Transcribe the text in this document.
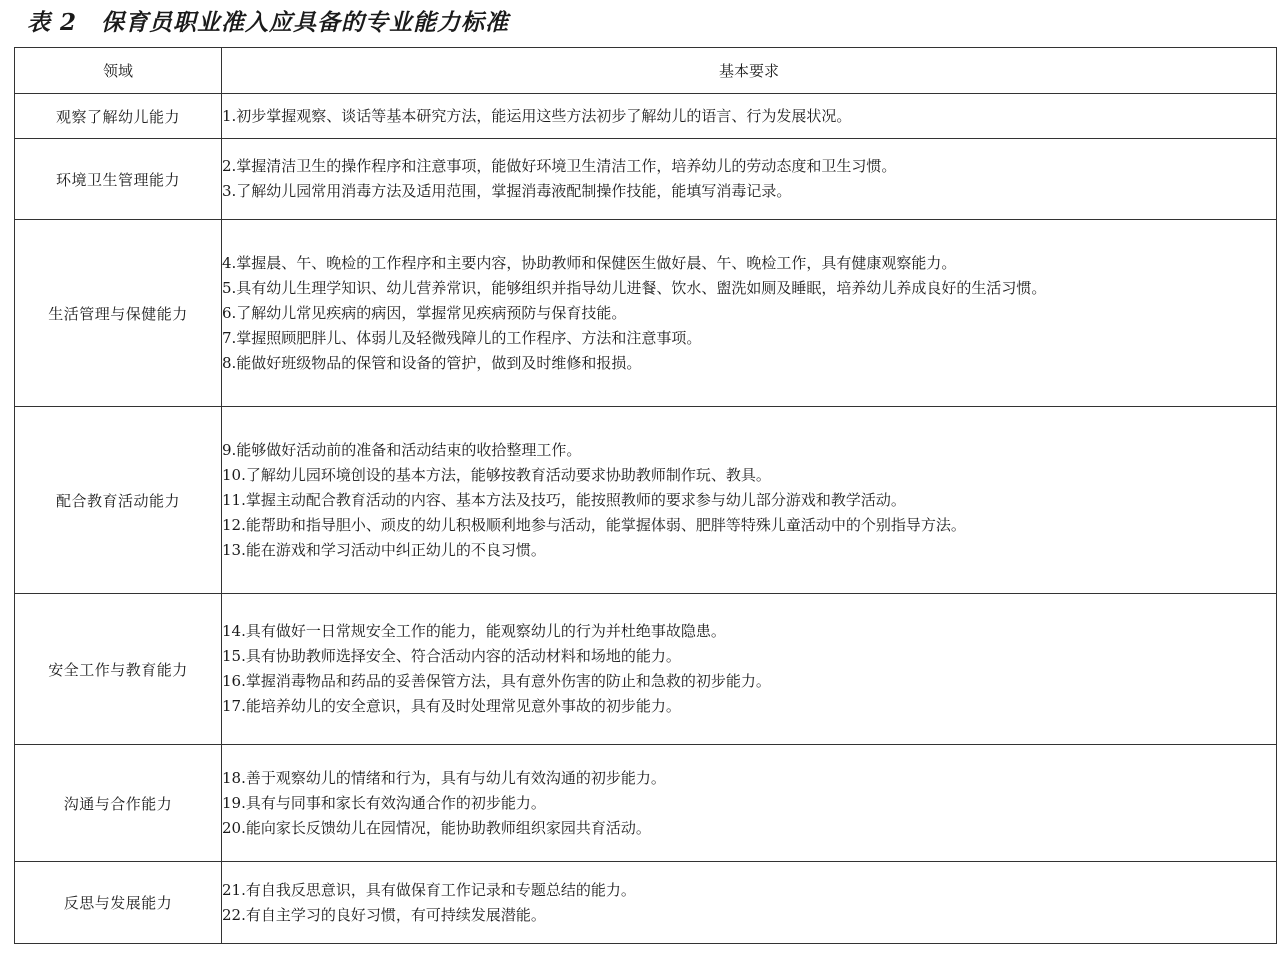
表 2 保育员职业准入应具备的专业能力标准
领域	基本要求
观察了解幼儿能力	1.初步掌握观察、谈话等基本研究方法，能运用这些方法初步了解幼儿的语言、行为发展状况。

环境卫生管理能力	2.掌握清洁卫生的操作程序和注意事项，能做好环境卫生清洁工作，培养幼儿的劳动态度和卫生习惯。
3.了解幼儿园常用消毒方法及适用范围，掌握消毒液配制操作技能，能填写消毒记录。

生活管理与保健能力	4.掌握晨、午、晚检的工作程序和主要内容，协助教师和保健医生做好晨、午、晚检工作，具有健康观察能力。
5.具有幼儿生理学知识、幼儿营养常识，能够组织并指导幼儿进餐、饮水、盥洗如厕及睡眠，培养幼儿养成良好的生活习惯。
6.了解幼儿常见疾病的病因，掌握常见疾病预防与保育技能。
7.掌握照顾肥胖儿、体弱儿及轻微残障儿的工作程序、方法和注意事项。
8.能做好班级物品的保管和设备的管护，做到及时维修和报损。

配合教育活动能力	9.能够做好活动前的准备和活动结束的收拾整理工作。
10.了解幼儿园环境创设的基本方法，能够按教育活动要求协助教师制作玩、教具。
11.掌握主动配合教育活动的内容、基本方法及技巧，能按照教师的要求参与幼儿部分游戏和教学活动。
12.能帮助和指导胆小、顽皮的幼儿积极顺利地参与活动，能掌握体弱、肥胖等特殊儿童活动中的个别指导方法。
13.能在游戏和学习活动中纠正幼儿的不良习惯。

安全工作与教育能力	14.具有做好一日常规安全工作的能力，能观察幼儿的行为并杜绝事故隐患。
15.具有协助教师选择安全、符合活动内容的活动材料和场地的能力。
16.掌握消毒物品和药品的妥善保管方法，具有意外伤害的防止和急救的初步能力。
17.能培养幼儿的安全意识，具有及时处理常见意外事故的初步能力。

沟通与合作能力	18.善于观察幼儿的情绪和行为，具有与幼儿有效沟通的初步能力。
19.具有与同事和家长有效沟通合作的初步能力。
20.能向家长反馈幼儿在园情况，能协助教师组织家园共育活动。

反思与发展能力	21.有自我反思意识，具有做保育工作记录和专题总结的能力。
22.有自主学习的良好习惯，有可持续发展潜能。
